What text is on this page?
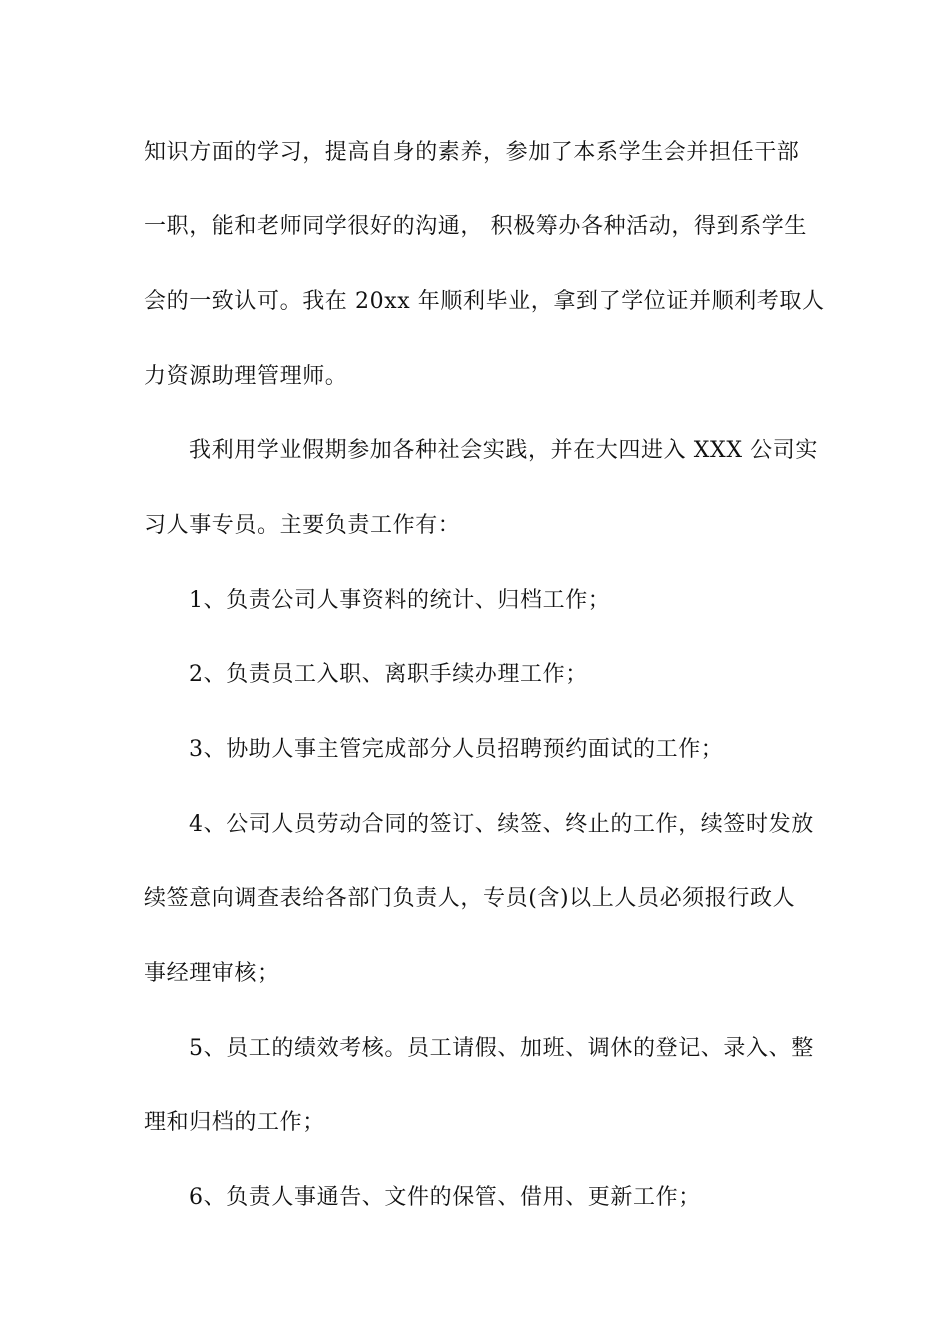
知识方面的学习，提高自身的素养，参加了本系学生会并担任干部
一职，能和老师同学很好的沟通， 积极筹办各种活动，得到系学生
会的一致认可。我在 20xx 年顺利毕业，拿到了学位证并顺利考取人
力资源助理管理师。
我利用学业假期参加各种社会实践，并在大四进入 XXX 公司实
习人事专员。主要负责工作有：
1、负责公司人事资料的统计、归档工作；
2、负责员工入职、离职手续办理工作；
3、协助人事主管完成部分人员招聘预约面试的工作；
4、公司人员劳动合同的签订、续签、终止的工作，续签时发放
续签意向调查表给各部门负责人，专员(含)以上人员必须报行政人
事经理审核；
5、员工的绩效考核。员工请假、加班、调休的登记、录入、整
理和归档的工作；
6、负责人事通告、文件的保管、借用、更新工作；
